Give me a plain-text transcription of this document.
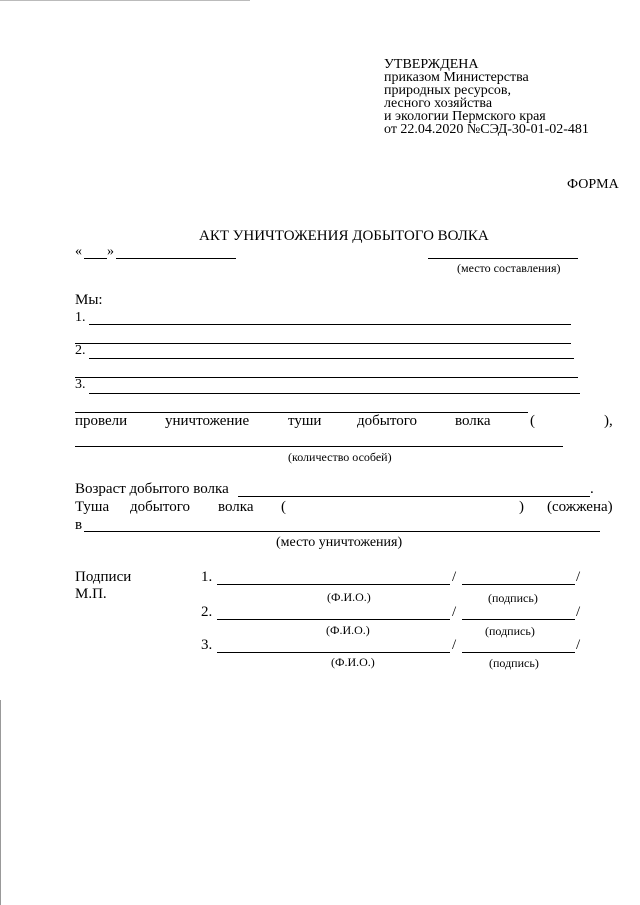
УТВЕРЖДЕНА
приказом Министерства
природных ресурсов,
лесного хозяйства
и экологии Пермского края
от 22.04.2020 №СЭД-30-01-02-481
ФОРМА
АКТ УНИЧТОЖЕНИЯ ДОБЫТОГО ВОЛКА
« »
(место составления)
Мы:
1.
2.
3.
провели	уничтожение	туши добытого	волка	(	),
(количество особей)
Возраст добытого волка	.
Туша добытого волка (	) (сожжена)
в
(место уничтожения)
Подписи
М.П.
1.	/	/
(Ф.И.О.)	(подпись)
2.	/	/
(Ф.И.О.)	(подпись)
3.	/	/
(Ф.И.О.)	(подпись)
